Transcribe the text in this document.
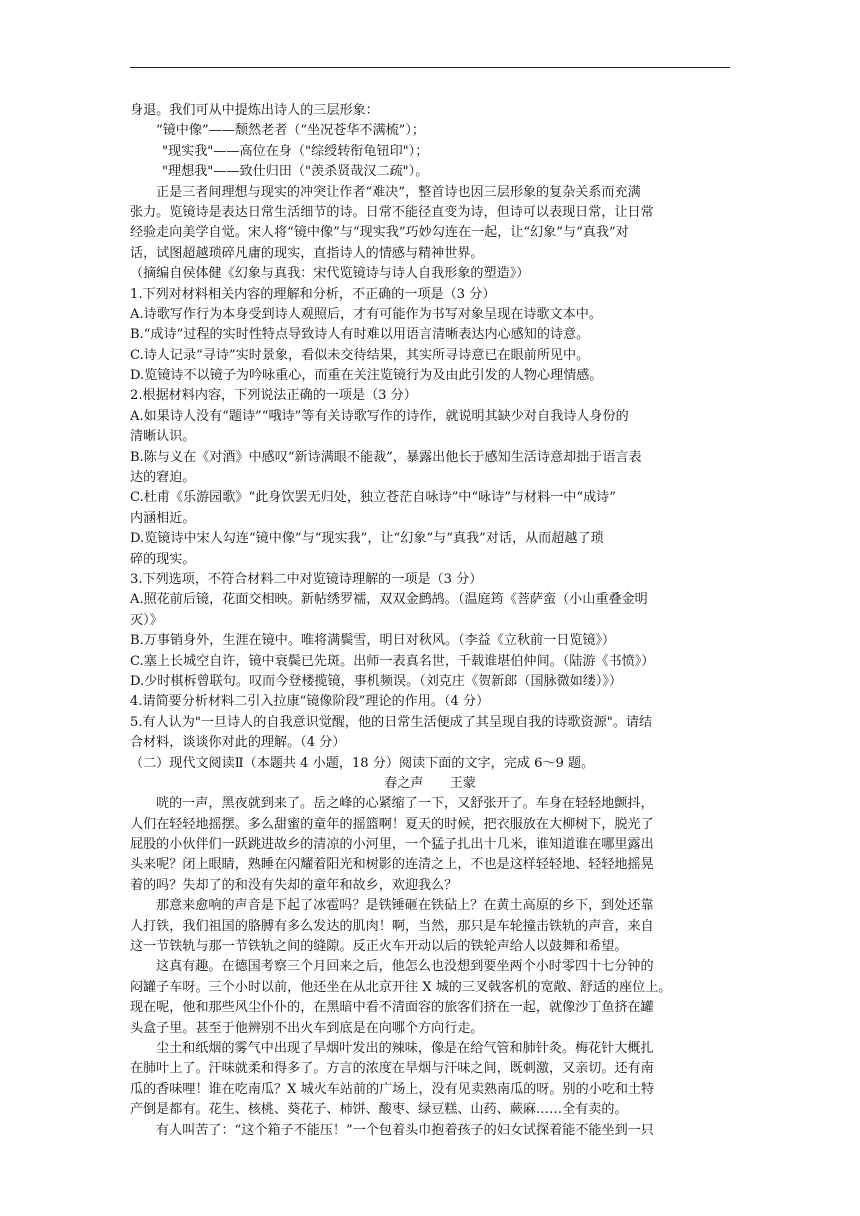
身退。我们可从中提炼出诗人的三层形象：
“镜中像”——颓然老者（“坐况苍华不满梳”）；
"现实我"——高位在身（"综绶转衔龟钮印"）；
"理想我"——致仕归田（"羡杀贤哉汉二疏"）。
正是三者间理想与现实的冲突让作者“难决”，整首诗也因三层形象的复杂关系而充满
张力。览镜诗是表达日常生活细节的诗。日常不能径直变为诗，但诗可以表现日常，让日常
经验走向美学自觉。宋人将“镜中像”与“现实我”巧妙勾连在一起，让“幻象”与“真我”对
话，试图超越琐碎凡庸的现实，直指诗人的情感与精神世界。
（摘编自侯体健《幻象与真我：宋代览镜诗与诗人自我形象的塑造》）
1.下列对材料相关内容的理解和分析，不正确的一项是（3 分）
A.诗歌写作行为本身受到诗人观照后，才有可能作为书写对象呈现在诗歌文本中。
B.“成诗”过程的实时性特点导致诗人有时难以用语言清晰表达内心感知的诗意。
C.诗人记录“寻诗”实时景象，看似未交待结果，其实所寻诗意已在眼前所见中。
D.览镜诗不以镜子为吟咏重心，而重在关注览镜行为及由此引发的人物心理情感。
2.根据材料内容，下列说法正确的一项是（3 分）
A.如果诗人没有“题诗”“哦诗”等有关诗歌写作的诗作，就说明其缺少对自我诗人身份的
清晰认识。
B.陈与义在《对酒》中感叹“新诗满眼不能裁”，暴露出他长于感知生活诗意却拙于语言表
达的窘迫。
C.杜甫《乐游园歌》“此身饮罢无归处，独立苍茫自咏诗”中“咏诗”与材料一中“成诗”
内涵相近。
D.览镜诗中宋人勾连“镜中像”与“现实我”，让“幻象”与“真我”对话，从而超越了琐
碎的现实。
3.下列选项，不符合材料二中对览镜诗理解的一项是（3 分）
A.照花前后镜，花面交相映。新帖绣罗襦，双双金鹧鸪。（温庭筠《菩萨蛮（小山重叠金明
灭）》
B.万事销身外，生涯在镜中。唯将满鬓雪，明日对秋风。（李益《立秋前一日览镜》）
C.塞上长城空自许，镜中衰鬓已先斑。出师一表真名世，千载谁堪伯仲间。（陆游《书愤》）
D.少时棋柝曾联句。叹而今登楼揽镜，事机频误。（刘克庄《贺新郎（国脉微如缕）》）
4.请简要分析材料二引入拉康“镜像阶段”理论的作用。（4 分）
5.有人认为"一旦诗人的自我意识觉醒，他的日常生活便成了其呈现自我的诗歌资源"。请结
合材料，谈谈你对此的理解。（4 分）
（二）现代文阅读Ⅱ（本题共 4 小题，18 分）阅读下面的文字，完成 6～9 题。
春之声　　王蒙
咣的一声，黑夜就到来了。岳之峰的心紧缩了一下，又舒张开了。车身在轻轻地颤抖，
人们在轻轻地摇摆。多么甜蜜的童年的摇篮啊！夏天的时候，把衣服放在大柳树下，脱光了
屁股的小伙伴们一跃跳进故乡的清凉的小河里，一个猛子扎出十几米，谁知道谁在哪里露出
头来呢？闭上眼睛，熟睡在闪耀着阳光和树影的连清之上，不也是这样轻轻地、轻轻地摇晃
着的吗？失却了的和没有失却的童年和故乡，欢迎我么？
那意来愈响的声音是下起了冰雹吗？是铁锤砸在铁砧上？在黄土高原的乡下，到处还靠
人打铁，我们祖国的胳膊有多么发达的肌肉！啊，当然，那只是车轮撞击铁轨的声音，来自
这一节铁轨与那一节铁轨之间的缝隙。反正火车开动以后的铁轮声给人以鼓舞和希望。
这真有趣。在德国考察三个月回来之后，他怎么也没想到要坐两个小时零四十七分钟的
闷罐子车呀。三个小时以前，他还坐在从北京开往 X 城的三叉戟客机的宽敞、舒适的座位上。
现在呢，他和那些风尘仆仆的，在黑暗中看不清面容的旅客们挤在一起，就像沙丁鱼挤在罐
头盒子里。甚至于他辨别不出火车到底是在向哪个方向行走。
尘土和纸烟的雾气中出现了旱烟叶发出的辣味，像是在给气管和肺针灸。梅花针大概扎
在肺叶上了。汗味就柔和得多了。方言的浓度在旱烟与汗味之间，既刺激，又亲切。还有南
瓜的香味哩！谁在吃南瓜？X 城火车站前的广场上，没有见卖熟南瓜的呀。别的小吃和土特
产倒是都有。花生、核桃、葵花子、柿饼、酸枣、绿豆糕、山药、蕨麻……全有卖的。
有人叫苦了：“这个箱子不能压！”一个包着头巾抱着孩子的妇女试探着能不能坐到一只
